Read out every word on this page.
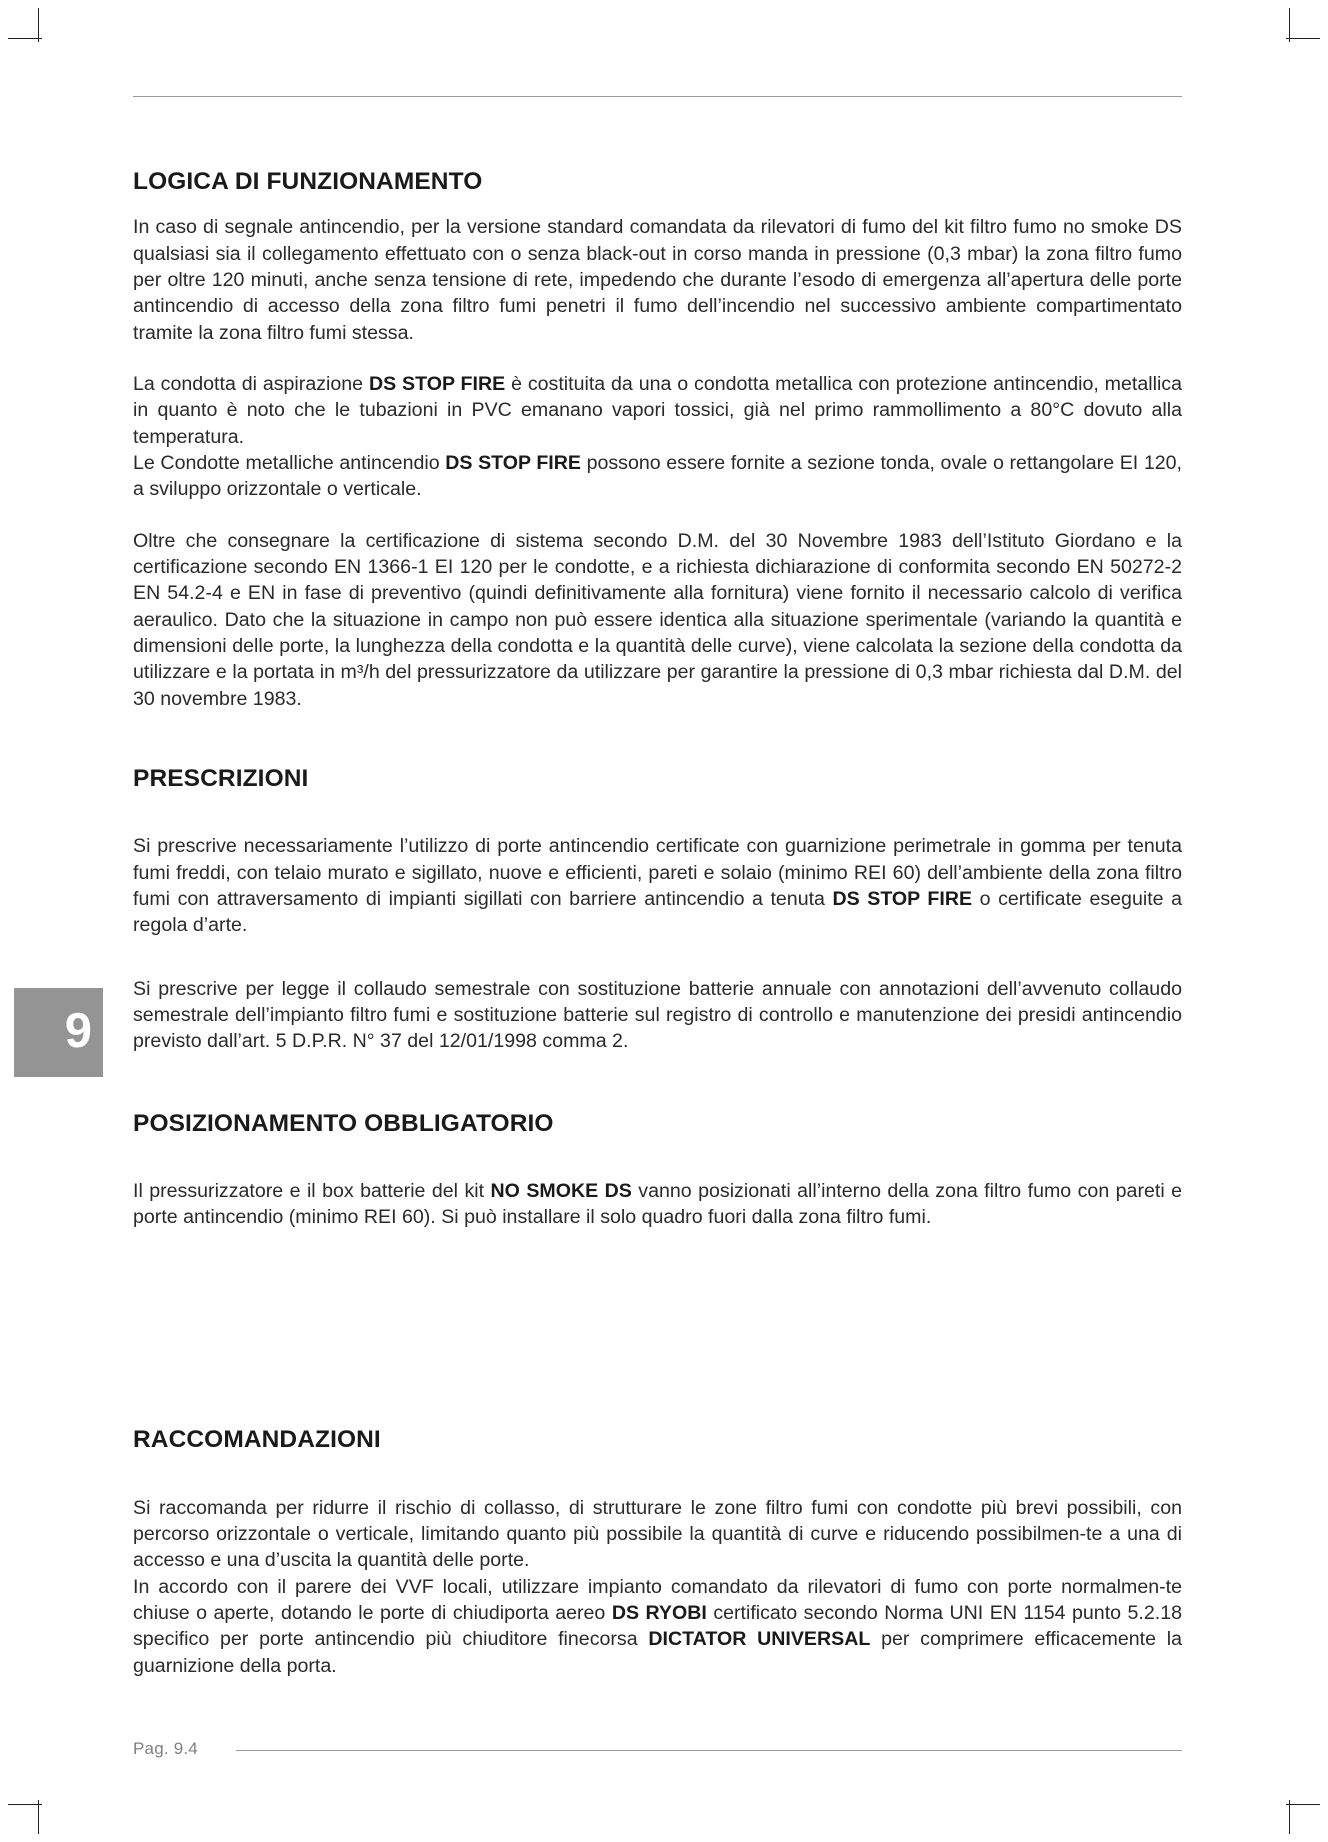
LOGICA DI FUNZIONAMENTO

In caso di segnale antincendio, per la versione standard comandata da rilevatori di fumo del kit filtro fumo no smoke DS qualsiasi sia il collegamento effettuato con o senza black-out in corso manda in pressione (0,3 mbar) la zona filtro fumo per oltre 120 minuti, anche senza tensione di rete, impedendo che durante l’esodo di emergenza all’apertura delle porte antincendio di accesso della zona filtro fumi penetri il fumo dell’incendio nel successivo ambiente compartimentato tramite la zona filtro fumi stessa.

La condotta di aspirazione DS STOP FIRE è costituita da una o condotta metallica con protezione antincendio, metallica in quanto è noto che le tubazioni in PVC emanano vapori tossici, già nel primo rammollimento a 80°C dovuto alla temperatura.

Le Condotte metalliche antincendio DS STOP FIRE possono essere fornite a sezione tonda, ovale o rettangolare EI 120, a sviluppo orizzontale o verticale.

Oltre che consegnare la certificazione di sistema secondo D.M. del 30 Novembre 1983 dell’Istituto Giordano e la certificazione secondo EN 1366-1 EI 120 per le condotte, e a richiesta dichiarazione di conformita secondo EN 50272-2 EN 54.2-4 e EN in fase di preventivo (quindi definitivamente alla fornitura) viene fornito il necessario calcolo di verifica aeraulico. Dato che la situazione in campo non può essere identica alla situazione sperimentale (variando la quantità e dimensioni delle porte, la lunghezza della condotta e la quantità delle curve), viene calcolata la sezione della condotta da utilizzare e la portata in m³/h del pressurizzatore da utilizzare per garantire la pressione di 0,3 mbar richiesta dal D.M. del 30 novembre 1983.

PRESCRIZIONI

Si prescrive necessariamente l’utilizzo di porte antincendio certificate con guarnizione perimetrale in gomma per tenuta fumi freddi, con telaio murato e sigillato, nuove e efficienti, pareti e solaio (minimo REI 60) dell’ambiente della zona filtro fumi con attraversamento di impianti sigillati con barriere antincendio a tenuta DS STOP FIRE o certificate eseguite a regola d’arte.

Si prescrive per legge il collaudo semestrale con sostituzione batterie annuale con annotazioni dell’avvenuto collaudo semestrale dell’impianto filtro fumi e sostituzione batterie sul registro di controllo e manutenzione dei presidi antincendio previsto dall’art. 5 D.P.R. N° 37 del 12/01/1998 comma 2.

POSIZIONAMENTO OBBLIGATORIO

Il pressurizzatore e il box batterie del kit NO SMOKE DS vanno posizionati all’interno della zona filtro fumo con pareti e porte antincendio (minimo REI 60). Si può installare il solo quadro fuori dalla zona filtro fumi.

RACCOMANDAZIONI

Si raccomanda per ridurre il rischio di collasso, di strutturare le zone filtro fumi con condotte più brevi possibili, con percorso orizzontale o verticale, limitando quanto più possibile la quantità di curve e riducendo possibilmen-te a una di accesso e una d’uscita la quantità delle porte.

In accordo con il parere dei VVF locali, utilizzare impianto comandato da rilevatori di fumo con porte normalmen-te chiuse o aperte, dotando le porte di chiudiporta aereo DS RYOBI certificato secondo Norma UNI EN 1154 punto 5.2.18 specifico per porte antincendio più chiuditore finecorsa DICTATOR UNIVERSAL per comprimere efficacemente la guarnizione della porta.

9
Pag. 9.4
